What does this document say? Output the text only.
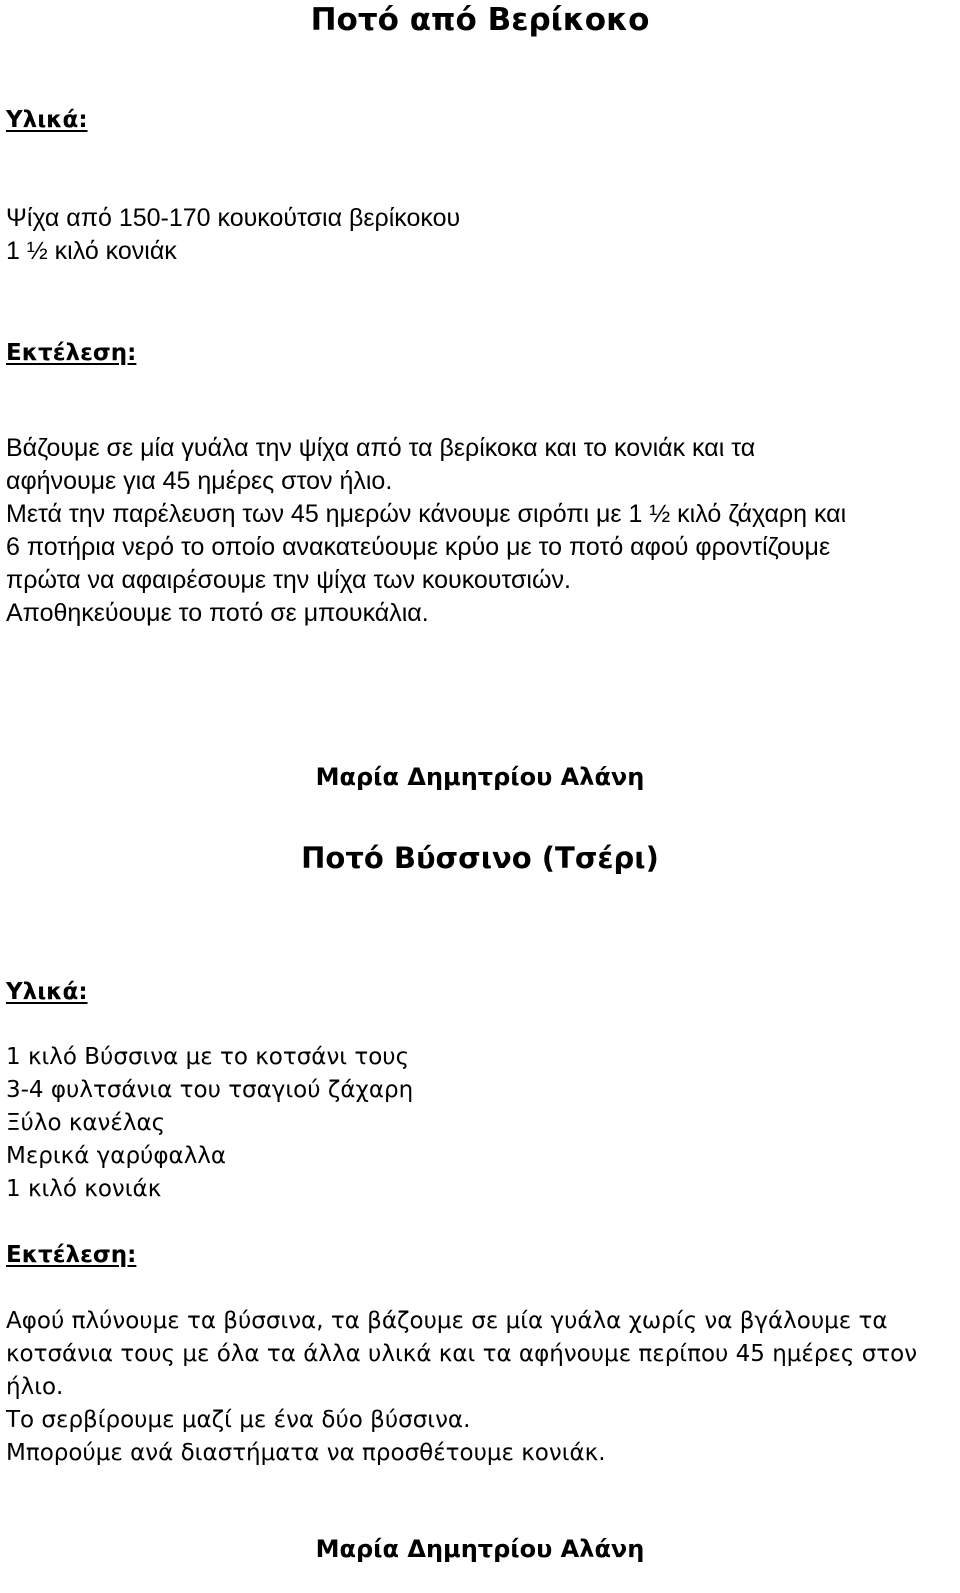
Ποτό από Βερίκοκο
Υλικά:
Ψίχα από 150-170 κουκούτσια βερίκοκου
1 ½ κιλό κονιάκ
Εκτέλεση:
Βάζουμε σε μία γυάλα την ψίχα από τα βερίκοκα και το κονιάκ και τα
αφήνουμε για 45 ημέρες στον ήλιο.
Μετά την παρέλευση των 45 ημερών κάνουμε σιρόπι με 1 ½ κιλό ζάχαρη και
6 ποτήρια νερό το οποίο ανακατεύουμε κρύο με το ποτό αφού φροντίζουμε
πρώτα να αφαιρέσουμε την ψίχα των κουκουτσιών.
Αποθηκεύουμε το ποτό σε μπουκάλια.
Μαρία Δημητρίου Αλάνη
Ποτό Βύσσινο (Τσέρι)
Υλικά:
1 κιλό Βύσσινα με το κοτσάνι τους
3-4 φυλτσάνια του τσαγιού ζάχαρη
Ξύλο κανέλας
Μερικά γαρύφαλλα
1 κιλό κονιάκ
Εκτέλεση:
Αφού πλύνουμε τα βύσσινα, τα βάζουμε σε μία γυάλα χωρίς να βγάλουμε τα
κοτσάνια τους με όλα τα άλλα υλικά και τα αφήνουμε περίπου 45 ημέρες στον
ήλιο.
Το σερβίρουμε μαζί με ένα δύο βύσσινα.
Μπορούμε ανά διαστήματα να προσθέτουμε κονιάκ.
Μαρία Δημητρίου Αλάνη
